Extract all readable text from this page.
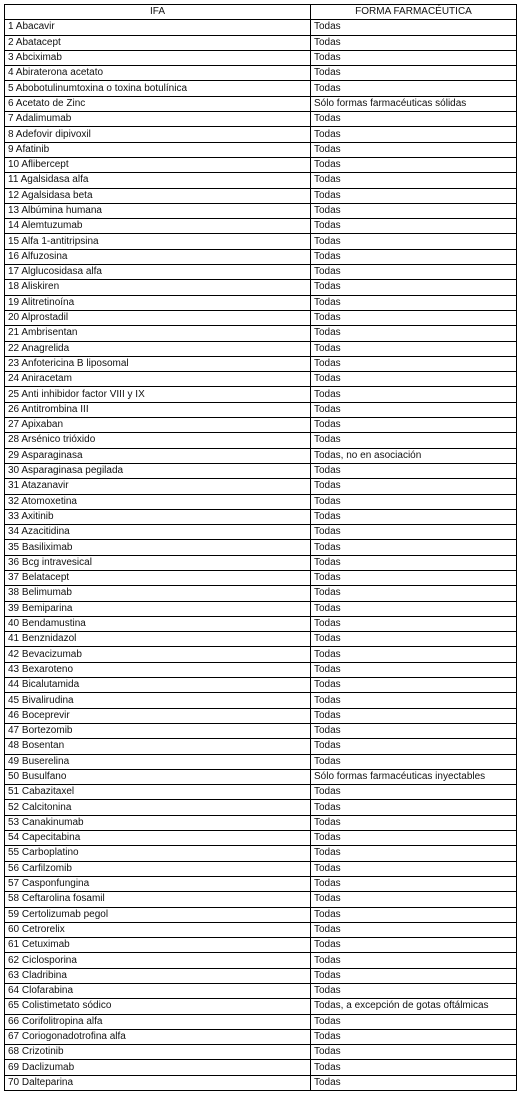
IFA	FORMA FARMACÉUTICA
1 Abacavir	Todas
2 Abatacept	Todas
3 Abciximab	Todas
4 Abiraterona acetato	Todas
5 Abobotulinumtoxina o toxina botulínica	Todas
6 Acetato de Zinc	Sólo formas farmacéuticas sólidas
7 Adalimumab	Todas
8 Adefovir dipivoxil	Todas
9 Afatinib	Todas
10 Aflibercept	Todas
11 Agalsidasa alfa	Todas
12 Agalsidasa beta	Todas
13 Albúmina humana	Todas
14 Alemtuzumab	Todas
15 Alfa 1-antitripsina	Todas
16 Alfuzosina	Todas
17 Alglucosidasa alfa	Todas
18 Aliskiren	Todas
19 Alitretinoína	Todas
20 Alprostadil	Todas
21 Ambrisentan	Todas
22 Anagrelida	Todas
23 Anfotericina B liposomal	Todas
24 Aniracetam	Todas
25 Anti inhibidor factor VIII y IX	Todas
26 Antitrombina III	Todas
27 Apixaban	Todas
28 Arsénico trióxido	Todas
29 Asparaginasa	Todas, no en asociación
30 Asparaginasa pegilada	Todas
31 Atazanavir	Todas
32 Atomoxetina	Todas
33 Axitinib	Todas
34 Azacitidina	Todas
35 Basiliximab	Todas
36 Bcg intravesical	Todas
37 Belatacept	Todas
38 Belimumab	Todas
39 Bemiparina	Todas
40 Bendamustina	Todas
41 Benznidazol	Todas
42 Bevacizumab	Todas
43 Bexaroteno	Todas
44 Bicalutamida	Todas
45 Bivalirudina	Todas
46 Boceprevir	Todas
47 Bortezomib	Todas
48 Bosentan	Todas
49 Buserelina	Todas
50 Busulfano	Sólo formas farmacéuticas inyectables
51 Cabazitaxel	Todas
52 Calcitonina	Todas
53 Canakinumab	Todas
54 Capecitabina	Todas
55 Carboplatino	Todas
56 Carfilzomib	Todas
57 Casponfungina	Todas
58 Ceftarolina fosamil	Todas
59 Certolizumab pegol	Todas
60 Cetrorelix	Todas
61 Cetuximab	Todas
62 Ciclosporina	Todas
63 Cladribina	Todas
64 Clofarabina	Todas
65 Colistimetato sódico	Todas, a excepción de gotas oftálmicas
66 Corifolitropina alfa	Todas
67 Coriogonadotrofina alfa	Todas
68 Crizotinib	Todas
69 Daclizumab	Todas
70 Dalteparina	Todas
